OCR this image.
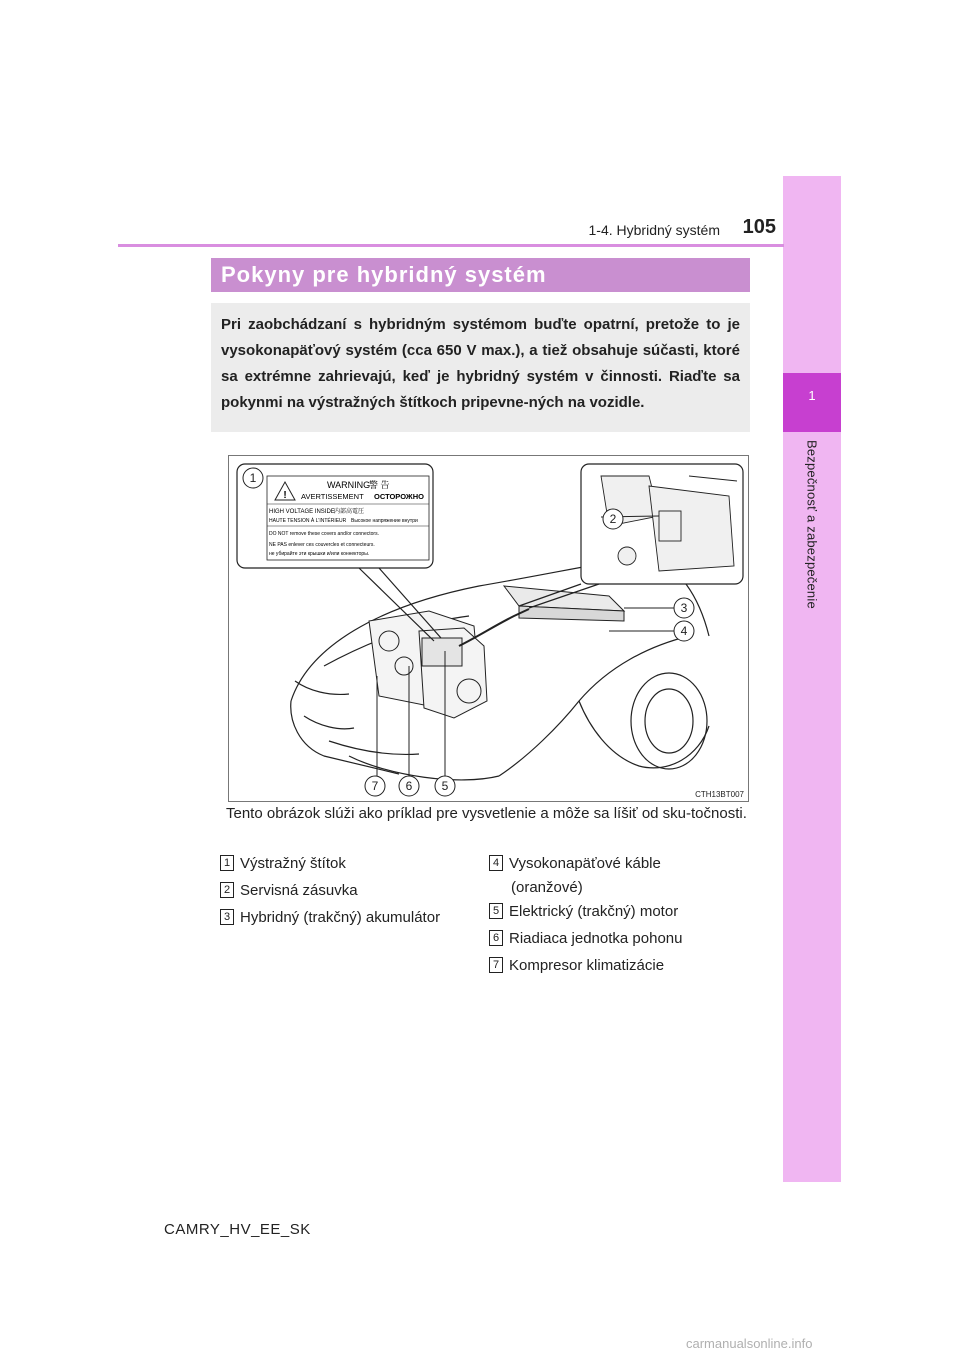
1
Bezpečnosť a zabezpečenie
1-4. Hybridný systém	105
Pokyny pre hybridný systém

Pri zaobchádzaní s hybridným systémom buďte opatrní, pretože to je vysokonapäťový systém (cca 650 V max.), a tiež obsahuje súčasti, ktoré sa extrémne zahrievajú, keď je hybridný systém v činnosti. Riaďte sa pokynmi na výstražných štítkoch pripevne-ných na vozidle.

!
WARNING
警 告
AVERTISSEMENT ОСТОРОЖНО
HIGH VOLTAGE INSIDE 内部高電圧
HAUTE TENSION À L'INTÉRIEUR Высокое напряжение внутри
DO NOT remove these covers and/or connectors.
NE PAS enlever ces couvercles et connecteurs.
не убирайте эти крышки и/или коннекторы.
1
2
3
4
5
6
7
CTH13BT007

Tento obrázok slúži ako príklad pre vysvetlenie a môže sa líšiť od sku-točnosti.

1 Výstražný štítok
2 Servisná zásuvka
3 Hybridný (trakčný) akumulátor
4 Vysokonapäťové káble
(oranžové)
5 Elektrický (trakčný) motor
6 Riadiaca jednotka pohonu
7 Kompresor klimatizácie
CAMRY_HV_EE_SK
carmanualsonline.info
